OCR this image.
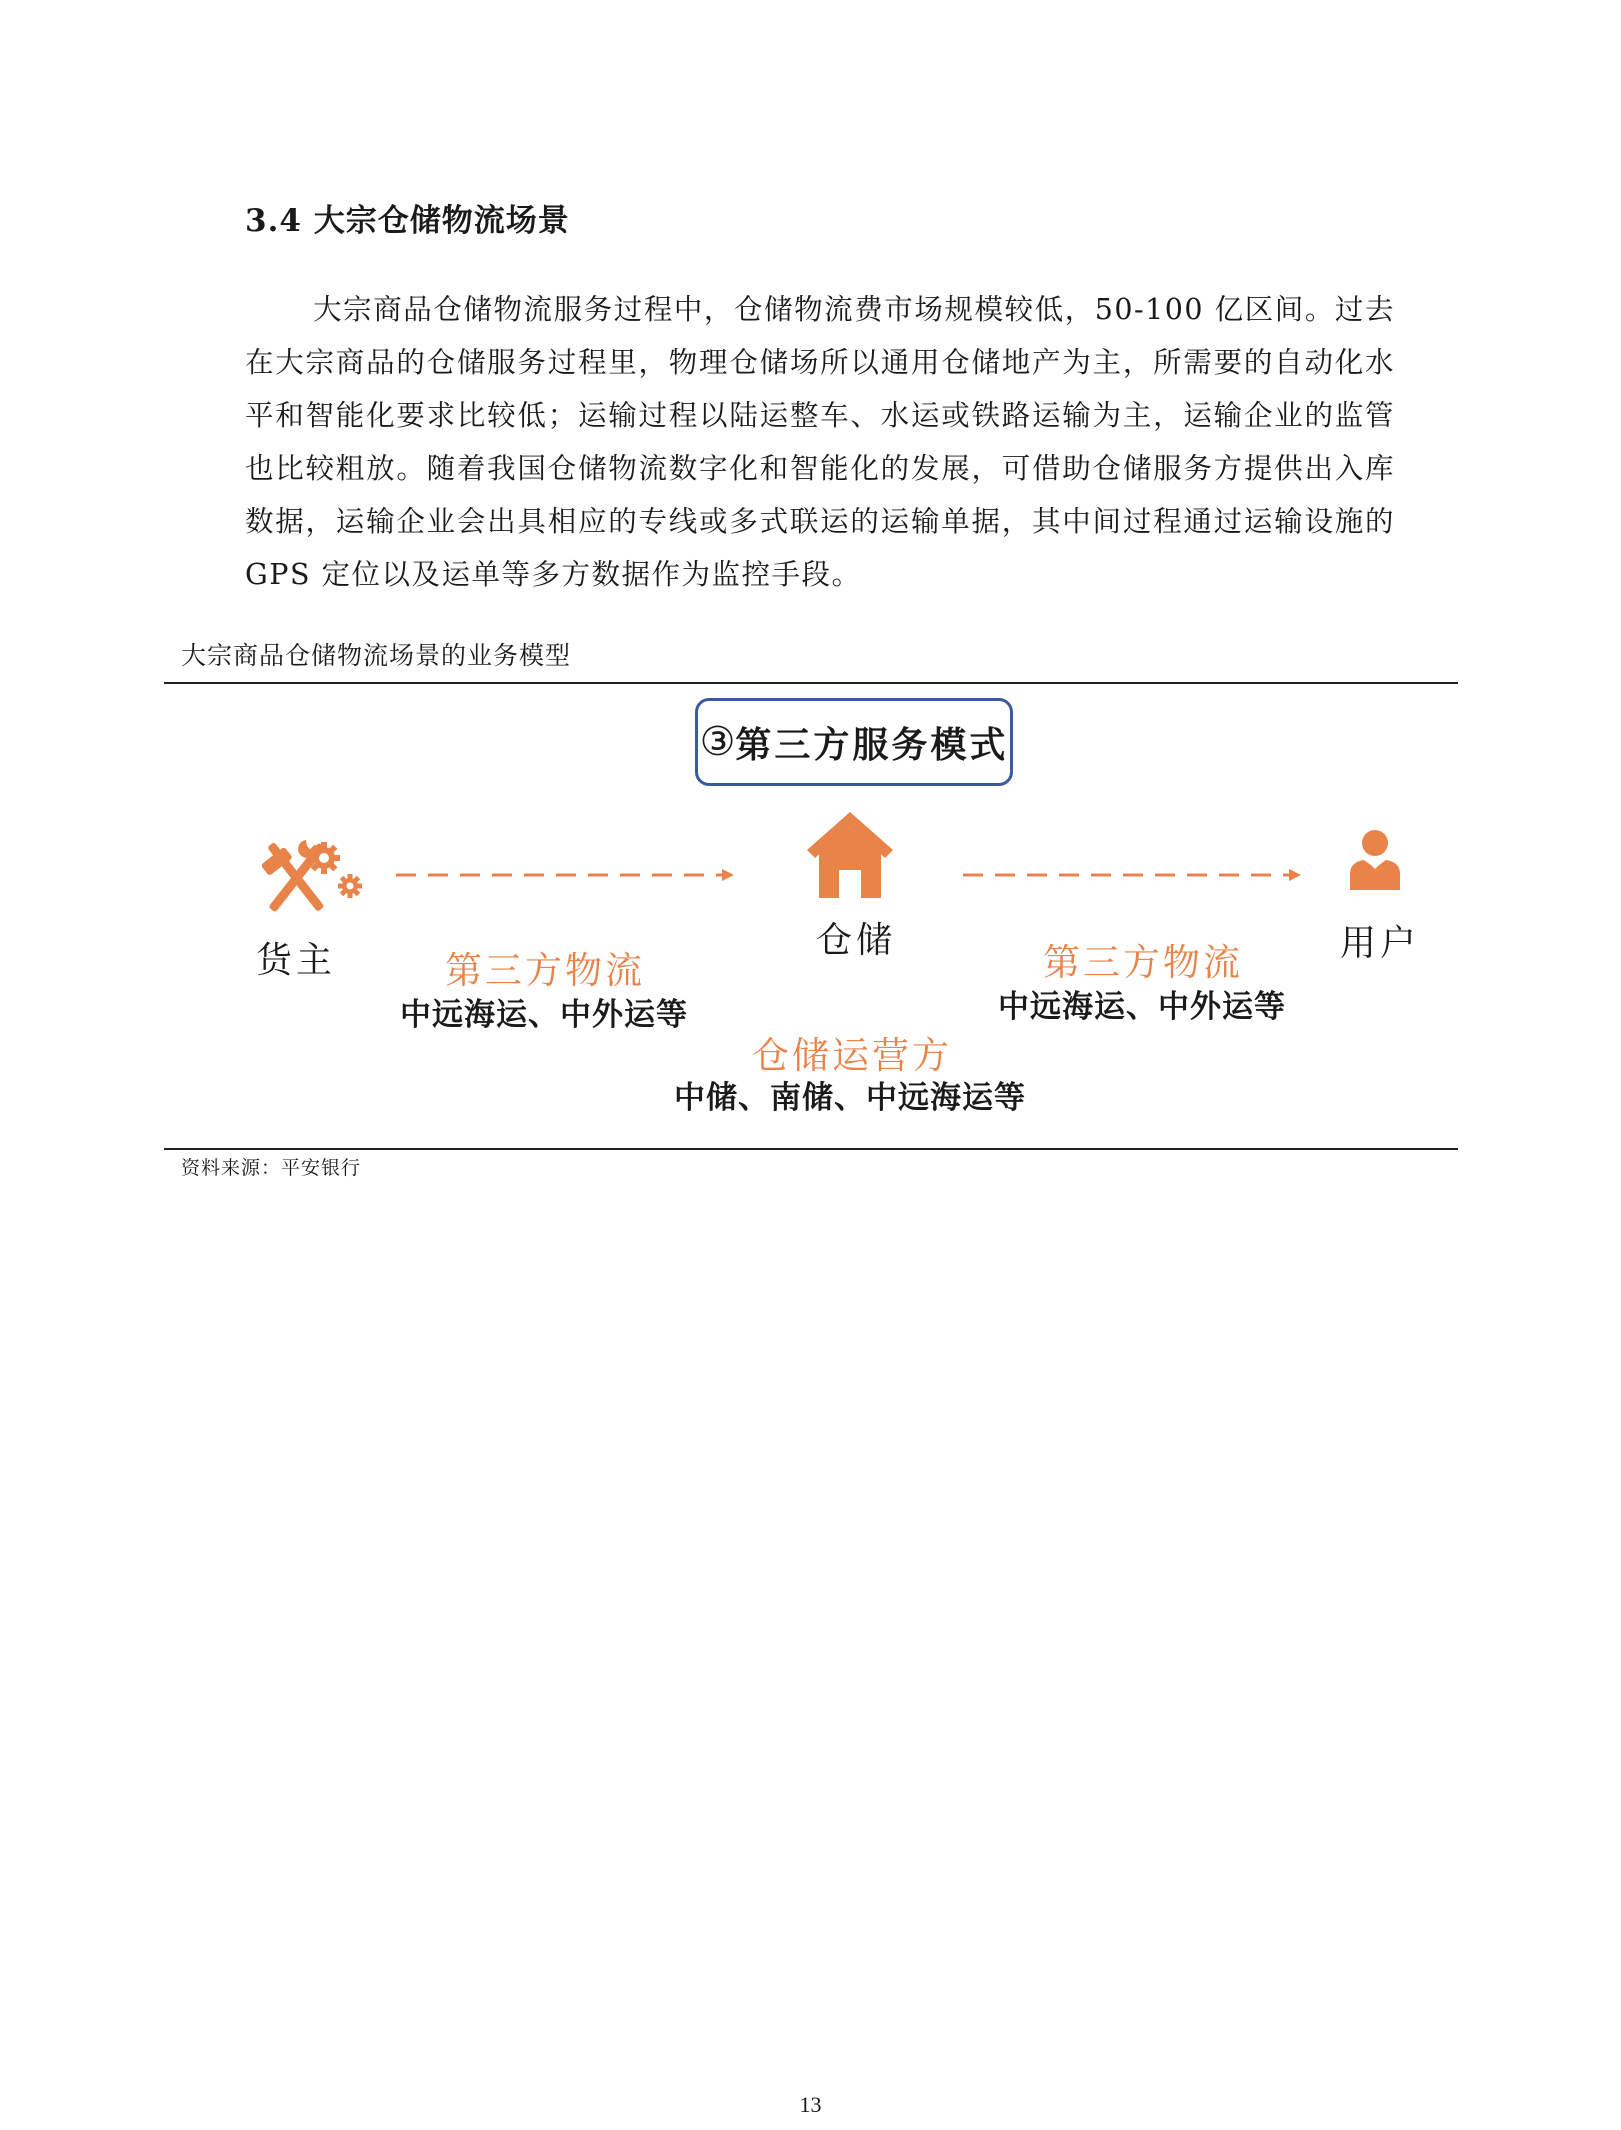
3.4 大宗仓储物流场景

大宗商品仓储物流服务过程中，仓储物流费市场规模较低，50-100 亿区间。过去在大宗商品的仓储服务过程里，物理仓储场所以通用仓储地产为主，所需要的自动化水平和智能化要求比较低；运输过程以陆运整车、水运或铁路运输为主，运输企业的监管也比较粗放。随着我国仓储物流数字化和智能化的发展，可借助仓储服务方提供出入库数据，运输企业会出具相应的专线或多式联运的运输单据，其中间过程通过运输设施的 GPS 定位以及运单等多方数据作为监控手段。

大宗商品仓储物流场景的业务模型
③ 第三方服务模式
货主	仓储	用户
第三方物流
中远海运、中外运等
第三方物流
中远海运、中外运等
仓储运营方
中储、南储、中远海运等
资料来源：平安银行
13
